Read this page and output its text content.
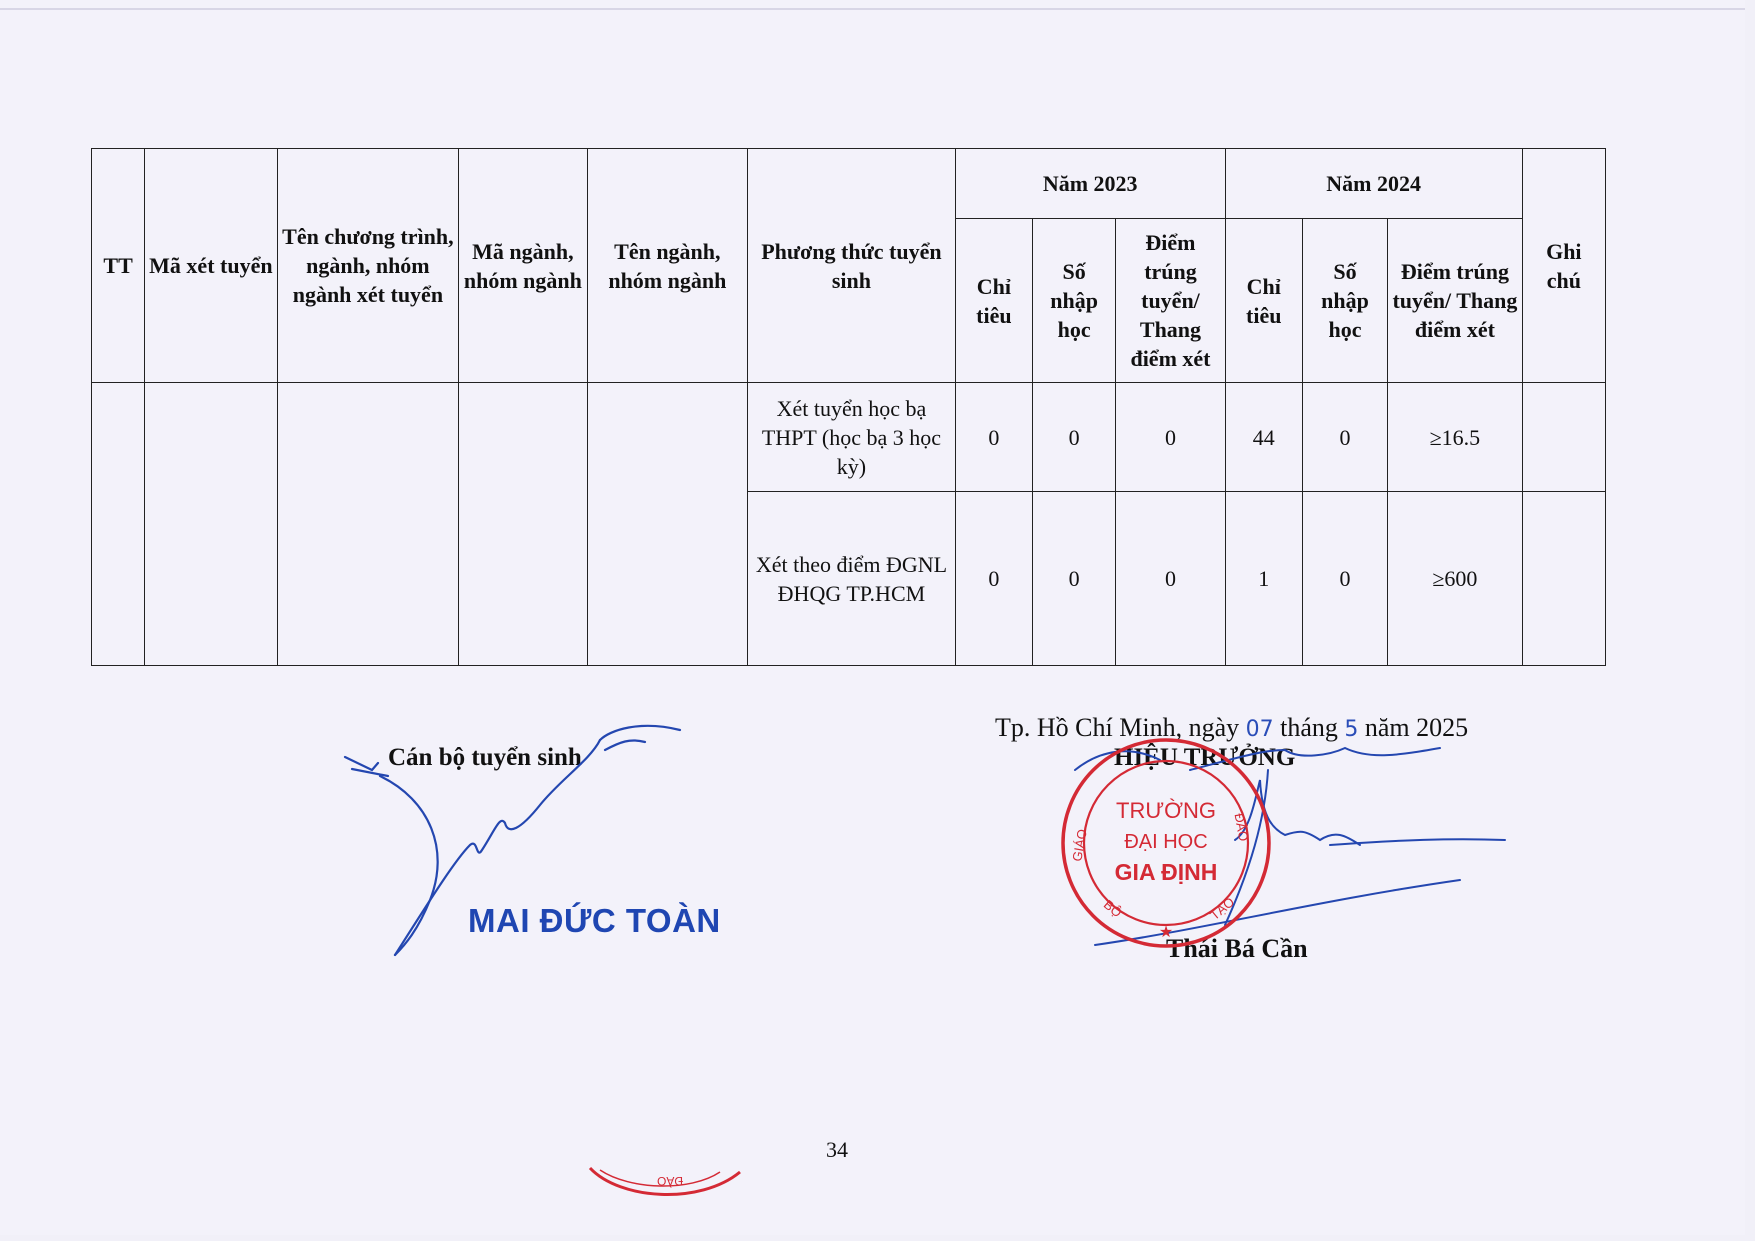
TT	Mã xét tuyển	Tên chương trình, ngành, nhóm ngành xét tuyển	Mã ngành, nhóm ngành	Tên ngành, nhóm ngành	Phương thức tuyển sinh	Năm 2023			Năm 2024			Ghi chú
						Chỉ tiêu	Số nhập học	Điểm trúng tuyển/ Thang điểm xét	Chỉ tiêu	Số nhập học	Điểm trúng tuyển/ Thang điểm xét	
					Xét tuyển học bạ THPT (học bạ 3 học kỳ)	0	0	0	44	0	≥16.5	
					Xét theo điểm ĐGNL ĐHQG TP.HCM	0	0	0	1	0	≥600	
Cán bộ tuyển sinh
MAI ĐỨC TOÀN
Tp. Hồ Chí Minh, ngày 07 tháng 5 năm 2025
HIỆU TRƯỞNG
Thái Bá Cần
34
TRƯỜNG
ĐẠI HỌC
GIA ĐỊNH
GIÁO
BỘ
ĐÀO
TẠO
★
ĐÀO
